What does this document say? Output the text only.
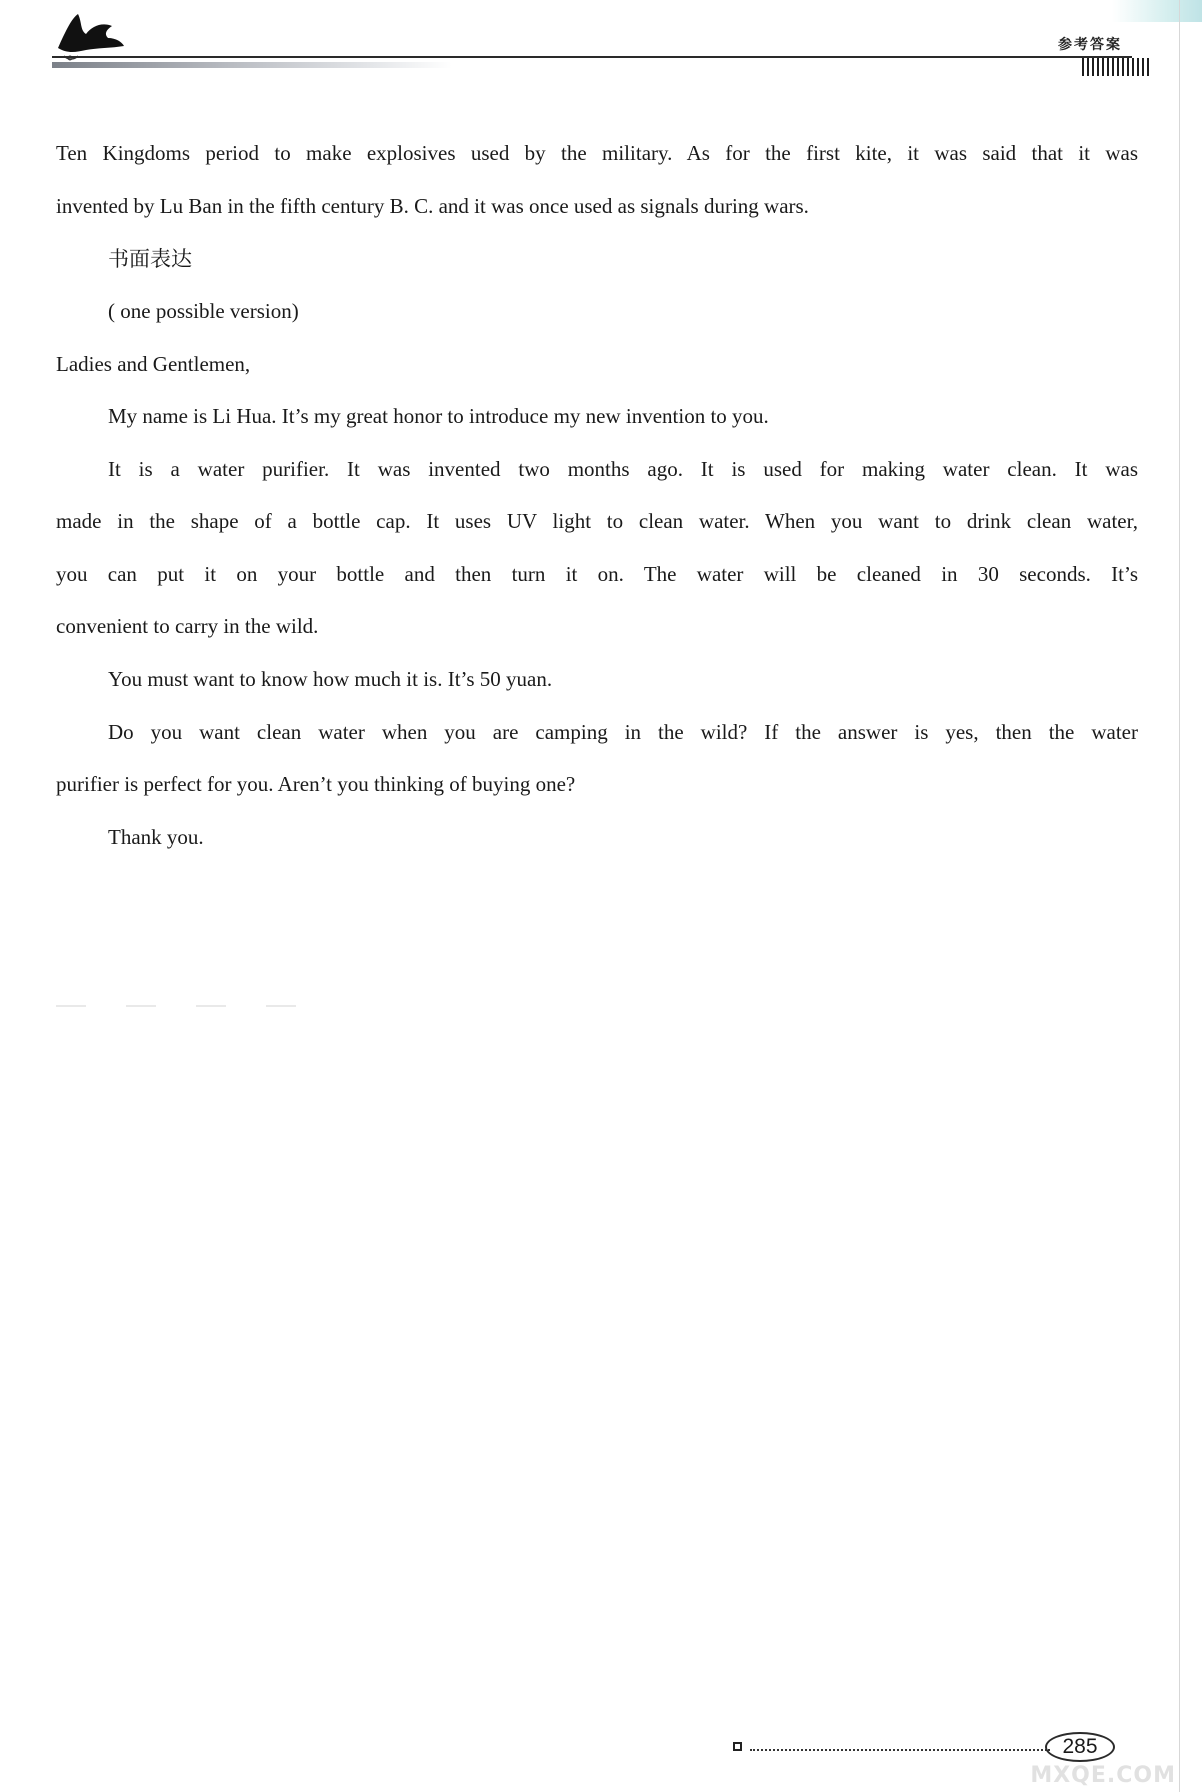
参考答案
Ten Kingdoms period to make explosives used by the military. As for the first kite, it was said that it was
invented by Lu Ban in the fifth century B. C. and it was once used as signals during wars.
书面表达
( one possible version)
Ladies and Gentlemen,
My name is Li Hua. It’s my great honor to introduce my new invention to you.
It is a water purifier. It was invented two months ago. It is used for making water clean. It was
made in the shape of a bottle cap. It uses UV light to clean water. When you want to drink clean water,
you can put it on your bottle and then turn it on. The water will be cleaned in 30 seconds. It’s
convenient to carry in the wild.
You must want to know how much it is. It’s 50 yuan.
Do you want clean water when you are camping in the wild? If the answer is yes, then the water
purifier is perfect for you. Aren’t you thinking of buying one?
Thank you.
285
MXQE.COM
